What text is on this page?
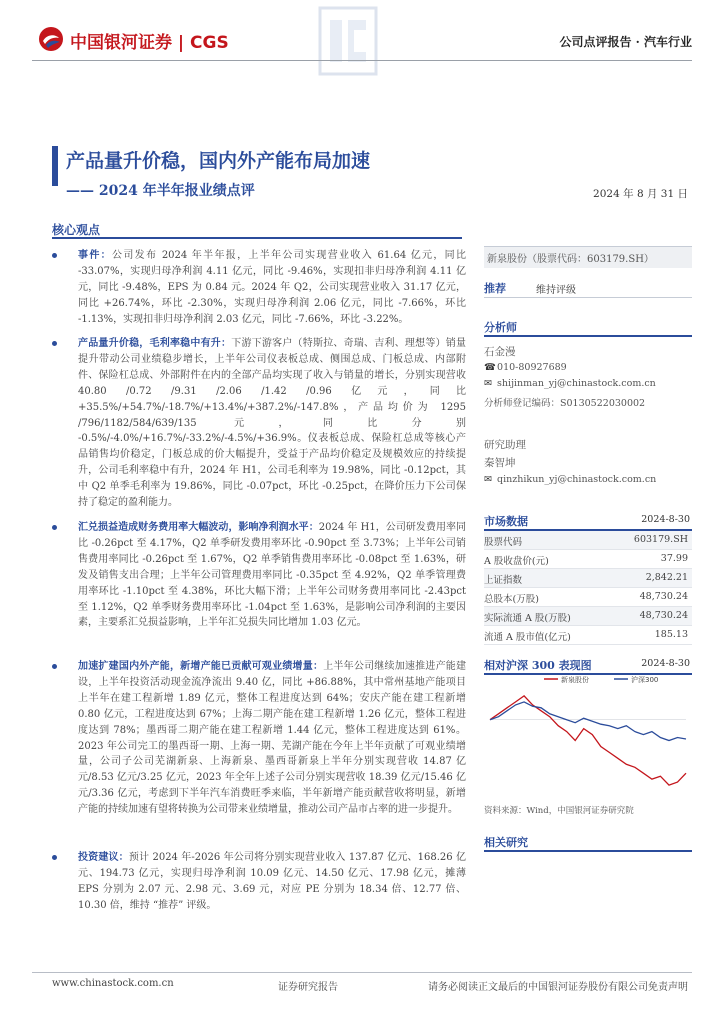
中国银河证券 | CGS	公司点评报告 · 汽车行业
产品量升价稳，国内外产能布局加速
—— 2024 年半年报业绩点评	2024 年 8 月 31 日
核心观点
事件：公司发布 2024 年半年报，上半年公司实现营业收入 61.64 亿元，同比 -33.07%，实现归母净利润 4.11 亿元，同比 -9.46%，实现扣非归母净利润 4.11 亿元，同比 -9.48%，EPS 为 0.84 元。2024 年 Q2，公司实现营业收入 31.17 亿元，同比 +26.74%，环比 -2.30%，实现归母净利润 2.06 亿元，同比 -7.66%，环比 -1.13%，实现扣非归母净利润 2.03 亿元，同比 -7.66%，环比 -3.22%。
产品量升价稳，毛利率稳中有升：下游下游客户（特斯拉、奇瑞、吉利、理想等）销量提升带动公司业绩稳步增长，上半年公司仪表板总成、侧围总成、门板总成、内部附件、保险杠总成、外部附件在内的全部产品均实现了收入与销量的增长，分别实现营收 40.80 /0.72 /9.31 /2.06 /1.42 /0.96 亿元，同比 +35.5%/+54.7%/-18.7%/+13.4%/+387.2%/-147.8%，产品均价为 1295 /796/1182/584/639/135 元，同比分别 -0.5%/-4.0%/+16.7%/-33.2%/-4.5%/+36.9%。仪表板总成、保险杠总成等核心产品销售均价稳定，门板总成的价大幅提升，受益于产品均价稳定及规模效应的持续提升，公司毛利率稳中有升，2024 年 H1，公司毛利率为 19.98%，同比 -0.12pct，其中 Q2 单季毛利率为 19.86%，同比 -0.07pct，环比 -0.25pct，在降价压力下公司保持了稳定的盈利能力。
汇兑损益造成财务费用率大幅波动，影响净利润水平：2024 年 H1，公司研发费用率同比 -0.26pct 至 4.17%，Q2 单季研发费用率环比 -0.90pct 至 3.73%；上半年公司销售费用率同比 -0.26pct 至 1.67%，Q2 单季销售费用率环比 -0.08pct 至 1.63%，研发及销售支出合理；上半年公司管理费用率同比 -0.35pct 至 4.92%，Q2 单季管理费用率环比 -1.10pct 至 4.38%，环比大幅下滑；上半年公司财务费用率同比 -2.43pct 至 1.12%，Q2 单季财务费用率环比 -1.04pct 至 1.63%，是影响公司净利润的主要因素，主要系汇兑损益影响，上半年汇兑损失同比增加 1.03 亿元。
加速扩建国内外产能，新增产能已贡献可观业绩增量：上半年公司继续加速推进产能建设，上半年投资活动现金流净流出 9.40 亿，同比 +86.88%，其中常州基地产能项目上半年在建工程新增 1.89 亿元，整体工程进度达到 64%；安庆产能在建工程新增 0.80 亿元，工程进度达到 67%；上海二期产能在建工程新增 1.26 亿元，整体工程进度达到 78%；墨西哥二期产能在建工程新增 1.44 亿元，整体工程进度达到 61%。2023 年公司完工的墨西哥一期、上海一期、芜湖产能在今年上半年贡献了可观业绩增量，公司子公司芜湖新泉、上海新泉、墨西哥新泉上半年分别实现营收 14.87 亿元/8.53 亿元/3.25 亿元，2023 年全年上述子公司分别实现营收 18.39 亿元/15.46 亿元/3.36 亿元，考虑到下半年汽车消费旺季来临，半年新增产能贡献营收将明显，新增产能的持续加速有望将转换为公司带来业绩增量，推动公司产品市占率的进一步提升。
投资建议：预计 2024 年-2026 年公司将分别实现营业收入 137.87 亿元、168.26 亿元、194.73 亿元，实现归母净利润 10.09 亿元、14.50 亿元、17.98 亿元，摊薄 EPS 分别为 2.07 元、2.98 元、3.69 元，对应 PE 分别为 18.34 倍、12.77 倍、10.30 倍，维持 “推荐” 评级。
新泉股份（股票代码：603179.SH）
推荐	维持评级
分析师
石金漫
☎ 010-80927689
✉ shijinman_yj@chinastock.com.cn
分析师登记编码：S0130522030002
研究助理
秦智坤
✉ qinzhikun_yj@chinastock.com.cn
市场数据	2024-8-30
股票代码	603179.SH
A 股收盘价(元)	37.99
上证指数	2,842.21
总股本(万股)	48,730.24
实际流通 A 股(万股)	48,730.24
流通 A 股市值(亿元)	185.13
相对沪深 300 表现图	2024-8-30
新泉股份	沪深300
资料来源：Wind，中国银河证券研究院
相关研究
www.chinastock.com.cn	证券研究报告	请务必阅读正文最后的中国银河证券股份有限公司免责声明
